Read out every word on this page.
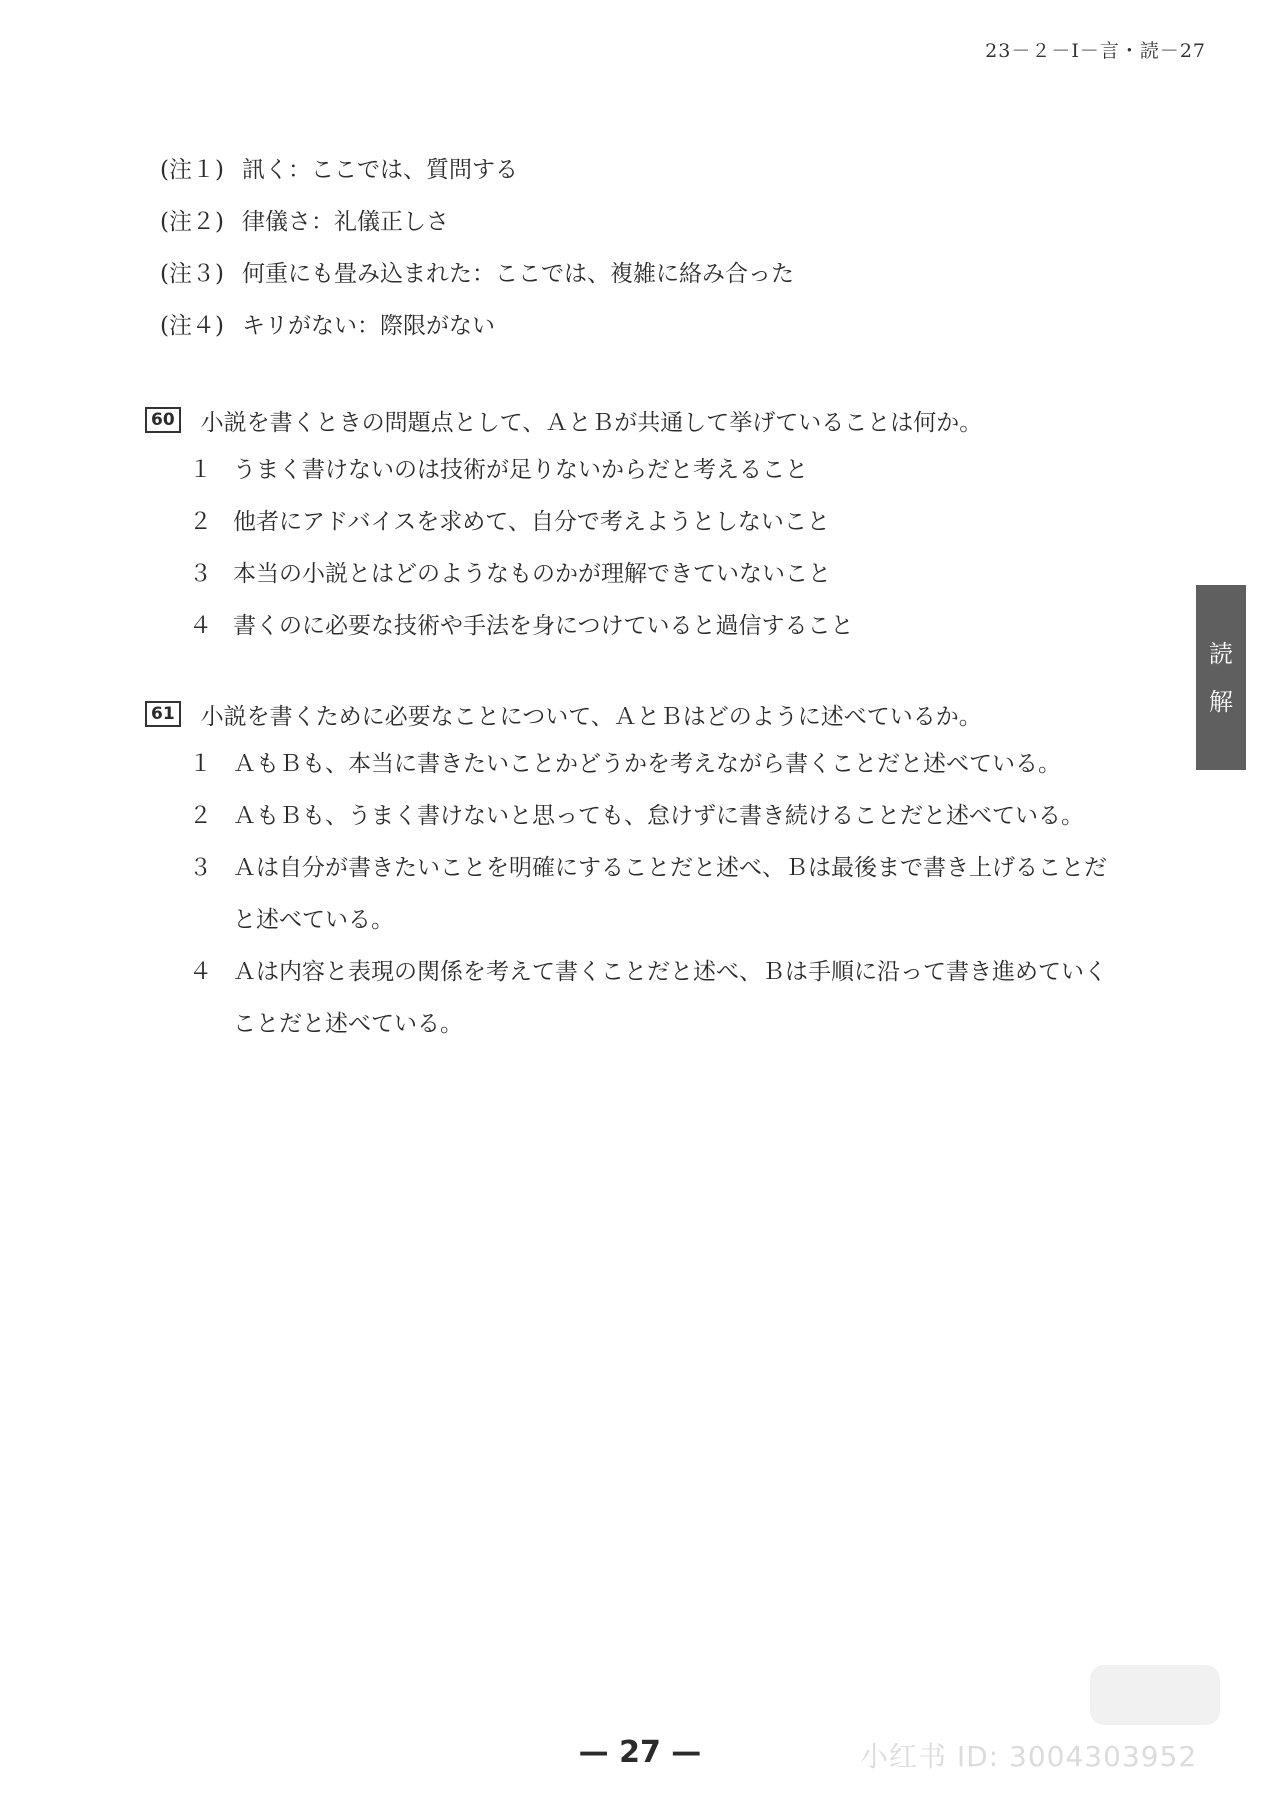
23－２－Ⅰ－言・読－27
(注１) 訊く：ここでは、質問する
(注２) 律儀さ：礼儀正しさ
(注３) 何重にも畳み込まれた：ここでは、複雑に絡み合った
(注４) キリがない：際限がない
60 小説を書くときの問題点として、ＡとＢが共通して挙げていることは何か。
１ うまく書けないのは技術が足りないからだと考えること
２ 他者にアドバイスを求めて、自分で考えようとしないこと
３ 本当の小説とはどのようなものかが理解できていないこと
４ 書くのに必要な技術や手法を身につけていると過信すること
61 小説を書くために必要なことについて、ＡとＢはどのように述べているか。
１ ＡもＢも、本当に書きたいことかどうかを考えながら書くことだと述べている。
２ ＡもＢも、うまく書けないと思っても、怠けずに書き続けることだと述べている。
３ Ａは自分が書きたいことを明確にすることだと述べ、Ｂは最後まで書き上げることだと述べている。
４ Ａは内容と表現の関係を考えて書くことだと述べ、Ｂは手順に沿って書き進めていくことだと述べている。
読
解
— 27 —	小红书 ID: 3004303952
